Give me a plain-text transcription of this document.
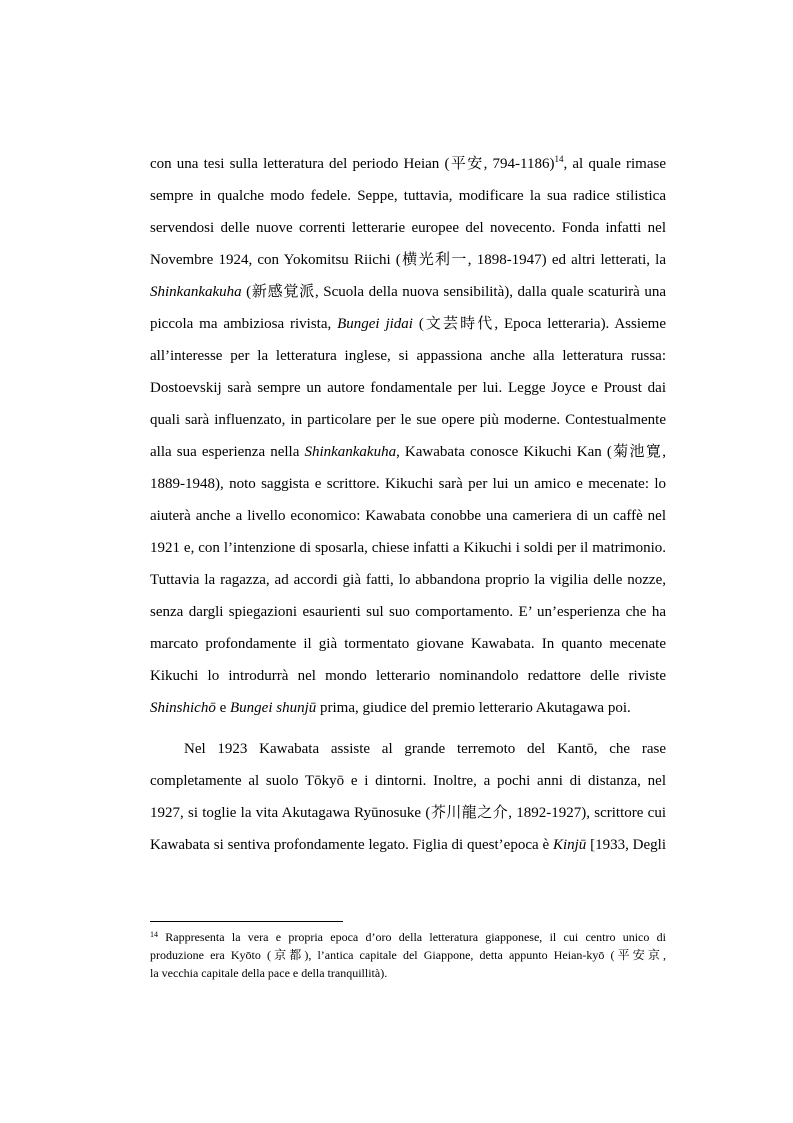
con una tesi sulla letteratura del periodo Heian (平安, 794-1186)$^{14}$, al quale rimase
sempre in qualche modo fedele. Seppe, tuttavia, modificare la sua radice stilistica
servendosi delle nuove correnti letterarie europee del novecento. Fonda infatti nel
Novembre 1924, con Yokomitsu Riichi (横光利一, 1898-1947) ed altri letterati, la
Shinkankakuha (新感覚派, Scuola della nuova sensibilità), dalla quale scaturirà una
piccola ma ambiziosa rivista, Bungei jidai (文芸時代, Epoca letteraria). Assieme
all’interesse per la letteratura inglese, si appassiona anche alla letteratura russa:
Dostoevskij sarà sempre un autore fondamentale per lui. Legge Joyce e Proust dai
quali sarà influenzato, in particolare per le sue opere più moderne. Contestualmente
alla sua esperienza nella Shinkankakuha, Kawabata conosce Kikuchi Kan (菊池寛,
1889-1948), noto saggista e scrittore. Kikuchi sarà per lui un amico e mecenate: lo
aiuterà anche a livello economico: Kawabata conobbe una cameriera di un caffè nel
1921 e, con l’intenzione di sposarla, chiese infatti a Kikuchi i soldi per il matrimonio.
Tuttavia la ragazza, ad accordi già fatti, lo abbandona proprio la vigilia delle nozze,
senza dargli spiegazioni esaurienti sul suo comportamento. E’ un’esperienza che ha
marcato profondamente il già tormentato giovane Kawabata. In quanto mecenate
Kikuchi lo introdurrà nel mondo letterario nominandolo redattore delle riviste
Shinshichō e Bungei shunjū prima, giudice del premio letterario Akutagawa poi.
Nel 1923 Kawabata assiste al grande terremoto del Kantō, che rase
completamente al suolo Tōkyō e i dintorni. Inoltre, a pochi anni di distanza, nel
1927, si toglie la vita Akutagawa Ryūnosuke (芥川龍之介, 1892-1927), scrittore cui
Kawabata si sentiva profondamente legato. Figlia di quest’epoca è Kinjū [1933, Degli
$^{14}$ Rappresenta la vera e propria epoca d’oro della letteratura giapponese, il cui centro unico di
produzione era Kyōto (京都), l’antica capitale del Giappone, detta appunto Heian-kyō (平安京,
la vecchia capitale della pace e della tranquillità).
